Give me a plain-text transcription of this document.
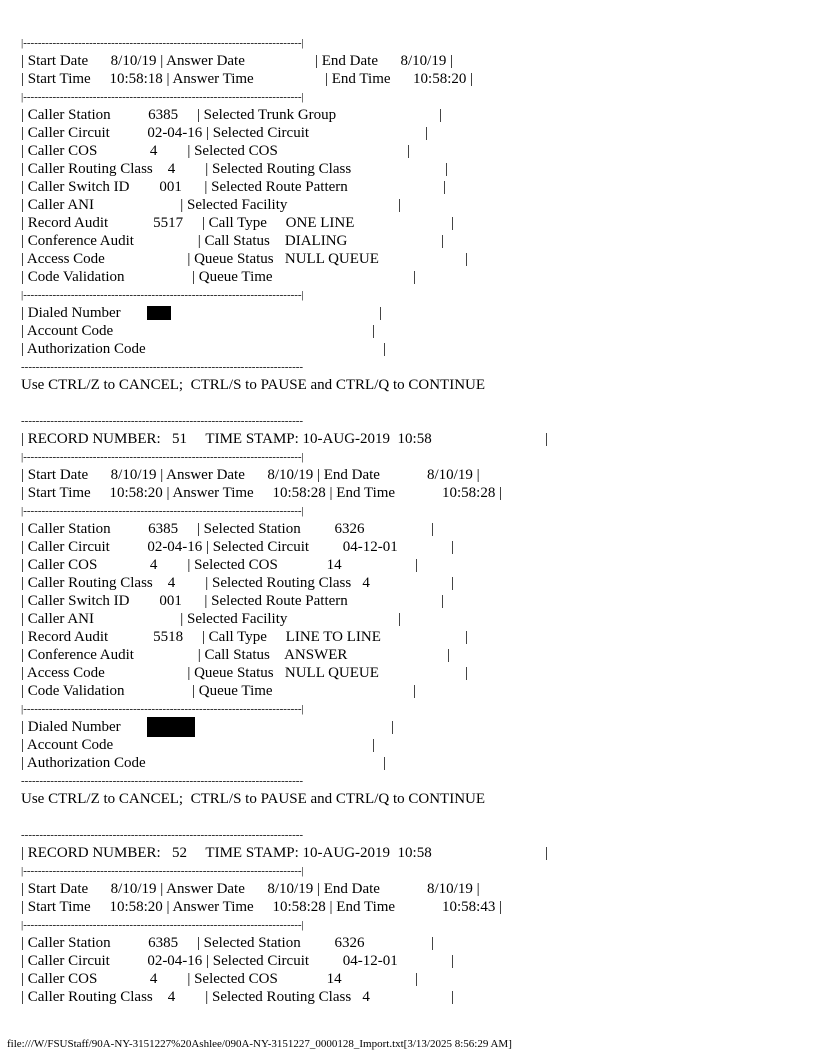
|----------------------------------------------------------------------------|
| Start Date      8/10/19 | Answer Date	| End Date      8/10/19 |
| Start Time     10:58:18 | Answer Time	| End Time      10:58:20 |
|----------------------------------------------------------------------------|
| Caller Station          6385     | Selected Trunk Group	|
| Caller Circuit          02-04-16 | Selected Circuit	|
| Caller COS              4        | Selected COS	|
| Caller Routing Class    4        | Selected Routing Class	|
| Caller Switch ID        001      | Selected Route Pattern	|
| Caller ANI                       | Selected Facility	|
| Record Audit            5517     | Call Type     ONE LINE	|
| Conference Audit                 | Call Status    DIALING	|
| Access Code                      | Queue Status   NULL QUEUE	|
| Code Validation                  | Queue Time	|
|----------------------------------------------------------------------------|
| Dialed Number	|
| Account Code	|
| Authorization Code	|
-----------------------------------------------------------------------------
Use CTRL/Z to CANCEL;  CTRL/S to PAUSE and CTRL/Q to CONTINUE
-----------------------------------------------------------------------------
| RECORD NUMBER:   51     TIME STAMP: 10-AUG-2019  10:58	|
|----------------------------------------------------------------------------|
| Start Date      8/10/19 | Answer Date      8/10/19 | End Date	8/10/19 |
| Start Time     10:58:20 | Answer Time     10:58:28 | End Time	10:58:28 |
|----------------------------------------------------------------------------|
| Caller Station          6385     | Selected Station         6326	|
| Caller Circuit          02-04-16 | Selected Circuit         04-12-01	|
| Caller COS              4        | Selected COS             14	|
| Caller Routing Class    4        | Selected Routing Class   4	|
| Caller Switch ID        001      | Selected Route Pattern	|
| Caller ANI                       | Selected Facility	|
| Record Audit            5518     | Call Type     LINE TO LINE	|
| Conference Audit                 | Call Status    ANSWER	|
| Access Code                      | Queue Status   NULL QUEUE	|
| Code Validation                  | Queue Time	|
|----------------------------------------------------------------------------|
| Dialed Number	|
| Account Code	|
| Authorization Code	|
-----------------------------------------------------------------------------
Use CTRL/Z to CANCEL;  CTRL/S to PAUSE and CTRL/Q to CONTINUE
-----------------------------------------------------------------------------
| RECORD NUMBER:   52     TIME STAMP: 10-AUG-2019  10:58	|
|----------------------------------------------------------------------------|
| Start Date      8/10/19 | Answer Date      8/10/19 | End Date	8/10/19 |
| Start Time     10:58:20 | Answer Time     10:58:28 | End Time	10:58:43 |
|----------------------------------------------------------------------------|
| Caller Station          6385     | Selected Station         6326	|
| Caller Circuit          02-04-16 | Selected Circuit         04-12-01	|
| Caller COS              4        | Selected COS             14	|
| Caller Routing Class    4        | Selected Routing Class   4	|
file:///W/FSUStaff/90A-NY-3151227%20Ashlee/090A-NY-3151227_0000128_Import.txt[3/13/2025 8:56:29 AM]
